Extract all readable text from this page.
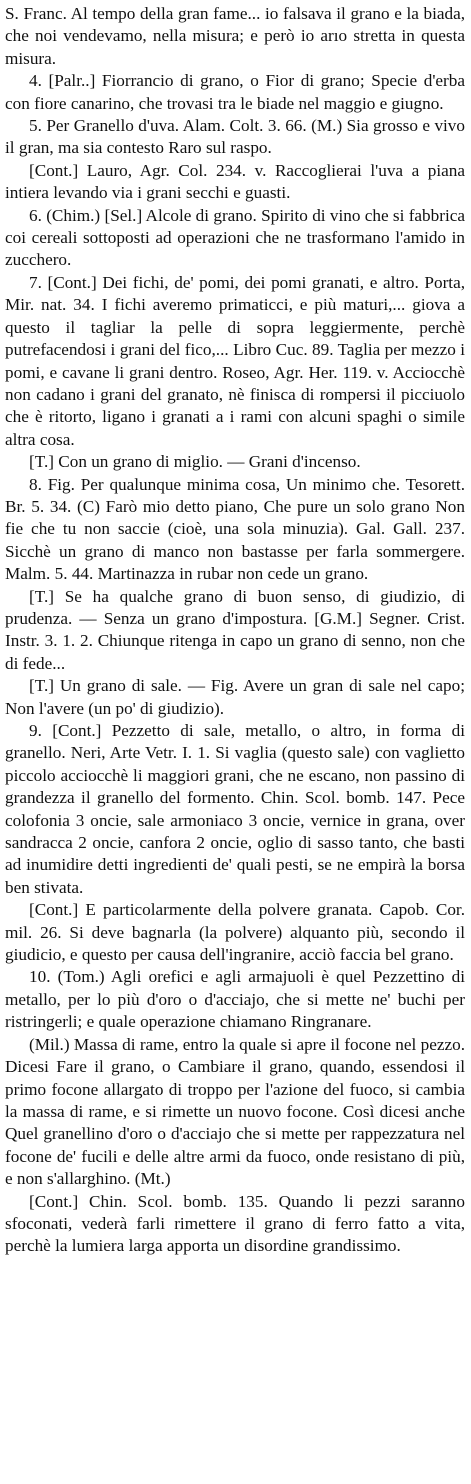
S. Franc. Al tempo della gran fame... io falsava il grano e la biada, che noi vendevamo, nella misura; e però io arıo stretta in questa misura.

4. [Palr..] Fiorrancio di grano, o Fior di grano; Specie d'erba con fiore canarino, che trovasi tra le biade nel maggio e giugno.

5. Per Granello d'uva. Alam. Colt. 3. 66. (M.) Sia grosso e vivo il gran, ma sia contesto Raro sul raspo.

[Cont.] Lauro, Agr. Col. 234. v. Raccoglierai l'uva a piana intiera levando via i grani secchi e guasti.

6. (Chim.) [Sel.] Alcole di grano. Spirito di vino che si fabbrica coi cereali sottoposti ad operazioni che ne trasformano l'amido in zucchero.

7. [Cont.] Dei fichi, de' pomi, dei pomi granati, e altro. Porta, Mir. nat. 34. I fichi averemo primaticci, e più maturi,... giova a questo il tagliar la pelle di sopra leggiermente, perchè putrefacendosi i grani del fico,... Libro Cuc. 89. Taglia per mezzo i pomi, e cavane li grani dentro. Roseo, Agr. Her. 119. v. Acciocchè non cadano i grani del granato, nè finisca di rompersi il picciuolo che è ritorto, ligano i granati a i rami con alcuni spaghi o simile altra cosa.

[T.] Con un grano di miglio. — Grani d'incenso.

8. Fig. Per qualunque minima cosa, Un minimo che. Tesorett. Br. 5. 34. (C) Farò mio detto piano, Che pure un solo grano Non fie che tu non saccie (cioè, una sola minuzia). Gal. Gall. 237. Sicchè un grano di manco non bastasse per farla sommergere. Malm. 5. 44. Martinazza in rubar non cede un grano.

[T.] Se ha qualche grano di buon senso, di giudizio, di prudenza. — Senza un grano d'impostura. [G.M.] Segner. Crist. Instr. 3. 1. 2. Chiunque ritenga in capo un grano di senno, non che di fede...

[T.] Un grano di sale. — Fig. Avere un gran di sale nel capo; Non l'avere (un po' di giudizio).

9. [Cont.] Pezzetto di sale, metallo, o altro, in forma di granello. Neri, Arte Vetr. I. 1. Si vaglia (questo sale) con vaglietto piccolo acciocchè li maggiori grani, che ne escano, non passino di grandezza il granello del formento. Chin. Scol. bomb. 147. Pece colofonia 3 oncie, sale armoniaco 3 oncie, vernice in grana, over sandracca 2 oncie, canfora 2 oncie, oglio di sasso tanto, che basti ad inumidire detti ingredienti de' quali pesti, se ne empirà la borsa ben stivata.

[Cont.] E particolarmente della polvere granata. Capob. Cor. mil. 26. Si deve bagnarla (la polvere) alquanto più, secondo il giudicio, e questo per causa dell'ingranire, acciò faccia bel grano.

10. (Tom.) Agli orefici e agli armajuoli è quel Pezzettino di metallo, per lo più d'oro o d'acciajo, che si mette ne' buchi per ristringerli; e quale operazione chiamano Ringranare.

(Mil.) Massa di rame, entro la quale si apre il focone nel pezzo. Dicesi Fare il grano, o Cambiare il grano, quando, essendosi il primo focone allargato di troppo per l'azione del fuoco, si cambia la massa di rame, e si rimette un nuovo focone. Così dicesi anche Quel granellino d'oro o d'acciajo che si mette per rappezzatura nel focone de' fucili e delle altre armi da fuoco, onde resistano di più, e non s'allarghino. (Mt.)

[Cont.] Chin. Scol. bomb. 135. Quando li pezzi saranno sfoconati, vederà farli rimettere il grano di ferro fatto a vita, perchè la lumiera larga apporta un disordine grandissimo.
